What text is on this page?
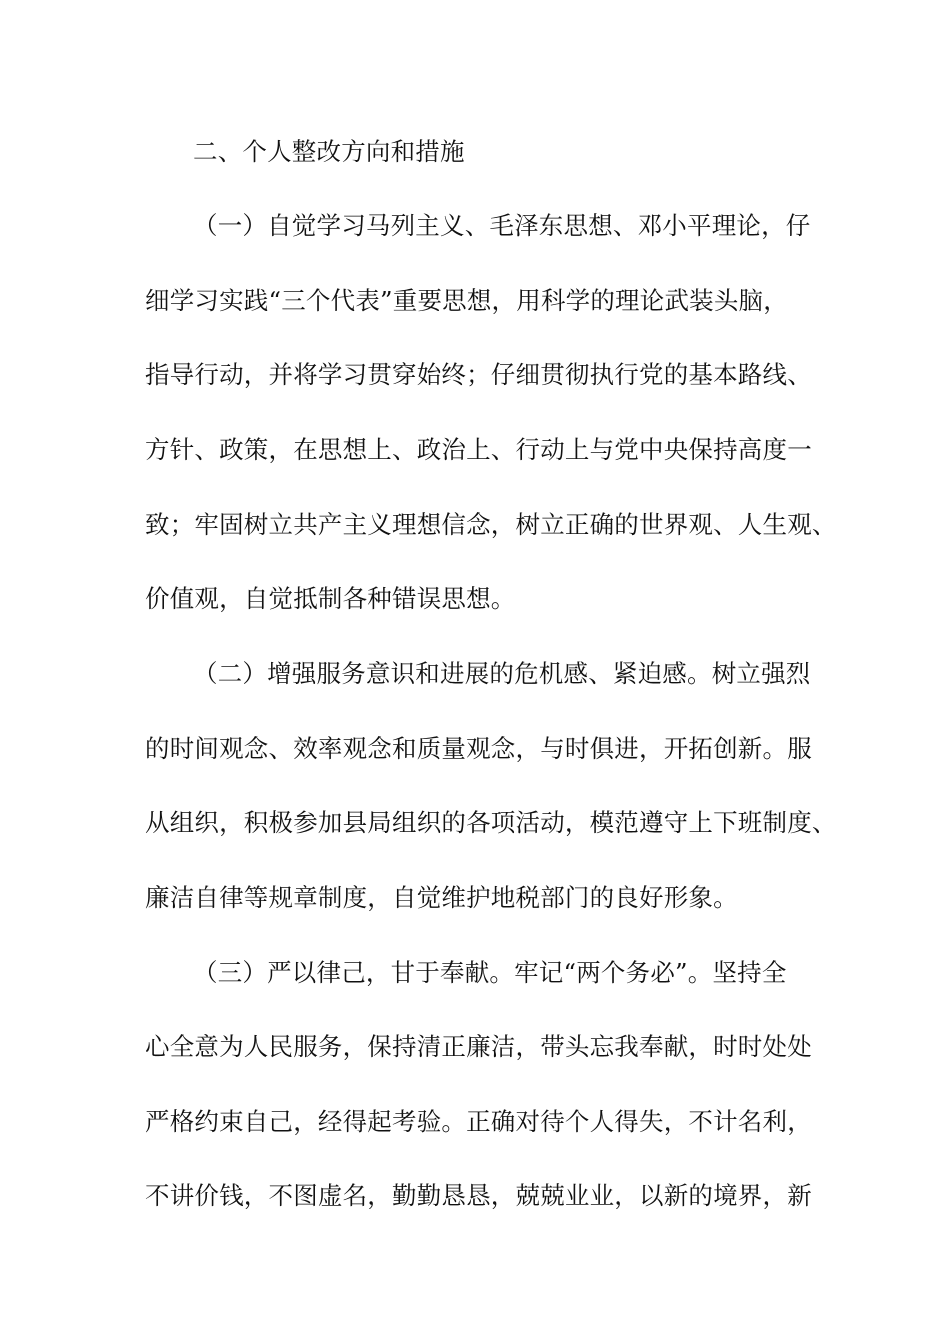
二、个人整改方向和措施
（一）自觉学习马列主义、毛泽东思想、邓小平理论，仔
细学习实践“三个代表”重要思想，用科学的理论武装头脑，
指导行动，并将学习贯穿始终；仔细贯彻执行党的基本路线、
方针、政策，在思想上、政治上、行动上与党中央保持高度一
致；牢固树立共产主义理想信念，树立正确的世界观、人生观、
价值观，自觉抵制各种错误思想。
（二）增强服务意识和进展的危机感、紧迫感。树立强烈
的时间观念、效率观念和质量观念，与时俱进，开拓创新。服
从组织，积极参加县局组织的各项活动，模范遵守上下班制度、
廉洁自律等规章制度，自觉维护地税部门的良好形象。
（三）严以律己，甘于奉献。牢记“两个务必”。坚持全
心全意为人民服务，保持清正廉洁，带头忘我奉献，时时处处
严格约束自己，经得起考验。正确对待个人得失，不计名利，
不讲价钱，不图虚名，勤勤恳恳，兢兢业业，以新的境界，新
